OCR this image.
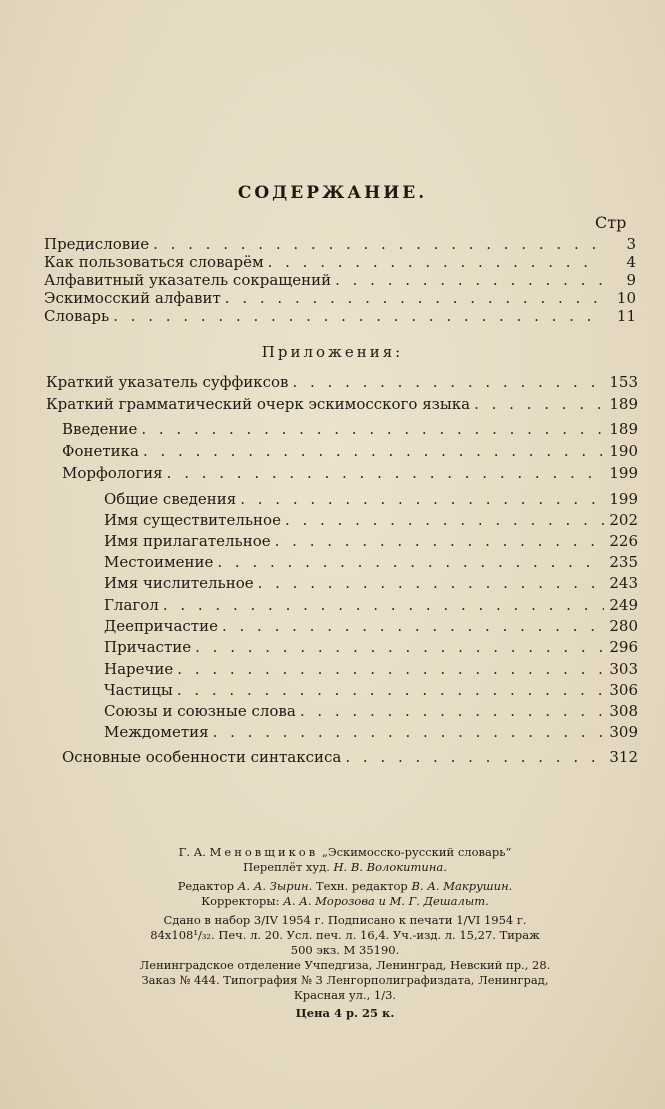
СОДЕРЖАНИЕ.
Стр
Предисловие . . .	3
Как пользоваться словарём . . .	4
Алфавитный указатель сокращений . . .	9
Эскимосский алфавит . . .	10
Словарь . . .	11
Приложения:
Краткий указатель суффиксов . . .	153
Краткий грамматический очерк эскимосского языка . . .	189
Введение . . .	189
Фонетика . . .	190
Морфология . . .	199
Общие сведения . . .	199
Имя существительное . . .	202
Имя прилагательное . . .	226
Местоимение . . .	235
Имя числительное . . .	243
Глагол . . .	249
Деепричастие . . .	280
Причастие . . .	296
Наречие . . .	303
Частицы . . .	306
Союзы и союзные слова . . .	308
Междометия . . .	309
Основные особенности синтаксиса . . .	312
Г. А. Меновщиков „Эскимосско-русский словарь“
Переплёт худ. Н. В. Волокитина.
Редактор А. А. Зырин. Техн. редактор В. А. Макрушин.
Корректоры: А. А. Морозова и М. Г. Дешалыт.
Сдано в набор 3/IV 1954 г. Подписано к печати 1/VI 1954 г.
84х108¹/₃₂. Печ. л. 20. Усл. печ. л. 16,4. Уч.-изд. л. 15,27. Тираж
500 экз. М 35190.
Ленинградское отделение Учпедгиза, Ленинград, Невский пр., 28.
Заказ № 444. Типография № 3 Ленгорполиграфиздата, Ленинград,
Красная ул., 1/3.
Цена 4 р. 25 к.
